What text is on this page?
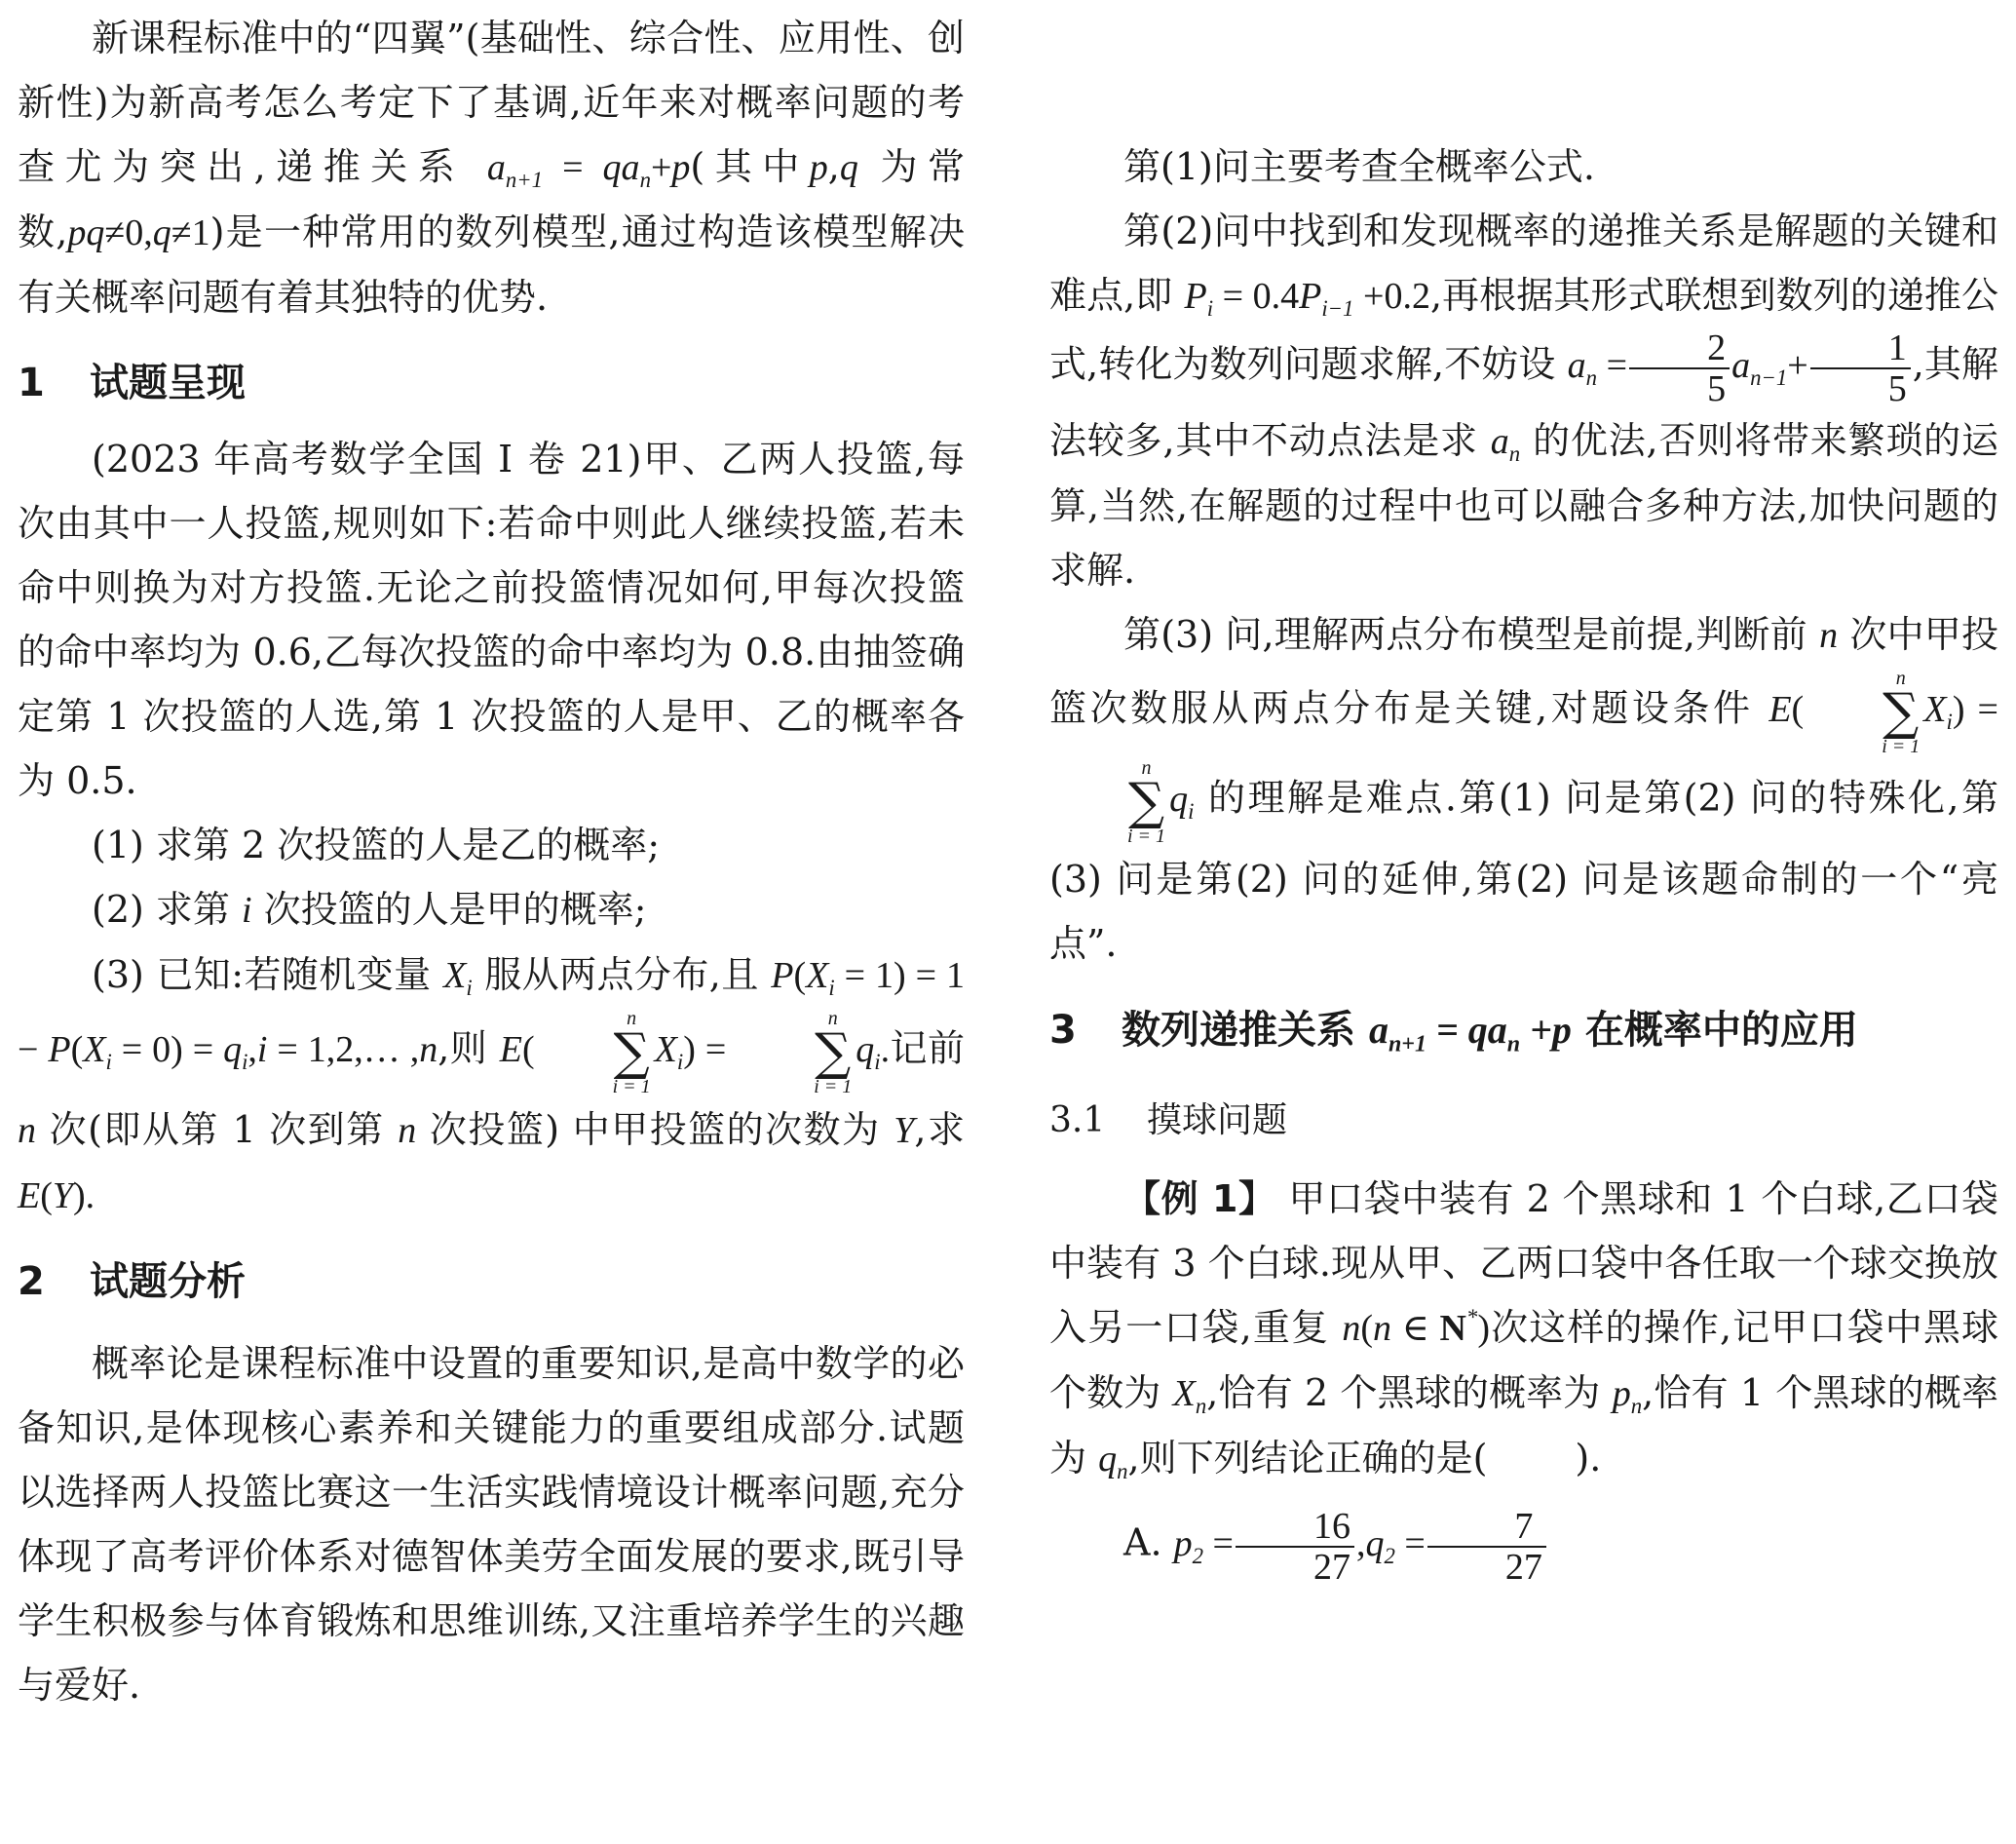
新课程标准中的“四翼”(基础性、综合性、应用性、创新性)为新高考怎么考定下了基调,近年来对概率问题的考查尤为突出,递推关系 $a_{n+1} = qa_n+p$(其中p,q 为常数,pq≠0,q≠1)是一种常用的数列模型,通过构造该模型解决有关概率问题有着其独特的优势.

1 试题呈现

(2023 年高考数学全国 Ⅰ 卷 21)甲、乙两人投篮,每次由其中一人投篮,规则如下:若命中则此人继续投篮,若未命中则换为对方投篮.无论之前投篮情况如何,甲每次投篮的命中率均为 0.6,乙每次投篮的命中率均为 0.8.由抽签确定第 1 次投篮的人选,第 1 次投篮的人是甲、乙的概率各为 0.5.

(1) 求第 2 次投篮的人是乙的概率;

(2) 求第 i 次投篮的人是甲的概率;

(3) 已知:若随机变量 $X_i$ 服从两点分布,且 $P(X_i = 1) = 1 - P(X_i = 0) = q_i,i$ = 1,2,… ,n,则 E(
n
∑
i = 1
$X_i$) =
n
∑
i = 1
$q_i$.记前 n 次(即从第 1 次到第 n 次投篮) 中甲投篮的次数为 Y,求 E(Y).

2 试题分析

概率论是课程标准中设置的重要知识,是高中数学的必备知识,是体现核心素养和关键能力的重要组成部分.试题以选择两人投篮比赛这一生活实践情境设计概率问题,充分体现了高考评价体系对德智体美劳全面发展的要求,既引导学生积极参与体育锻炼和思维训练,又注重培养学生的兴趣与爱好.

第(1)问主要考查全概率公式.

第(2)问中找到和发现概率的递推关系是解题的关键和难点,即 $P_i = 0.4P_{i-1} +0.2$,再根据其形式联想到数列的递推公式,转化为数列问题求解,不妨设 $a_n = \frac{2}{5} a_{n-1}+ \frac{1}{5}$ ,其解法较多,其中不动点法是求 $a_n$ 的优法,否则将带来繁琐的运算,当然,在解题的过程中也可以融合多种方法,加快问题的求解.

第(3) 问,理解两点分布模型是前提,判断前 n 次中甲投篮次数服从两点分布是关键,对题设条件 E(
n
∑
i = 1
$X_i$) =
n
∑
i = 1
$q_i$ 的理解是难点.第(1) 问是第(2) 问的特殊化,第(3) 问是第(2) 问的延伸,第(2) 问是该题命制的一个“亮点”.

3 数列递推关系 $a_{n+1} = qa_n +p$ 在概率中的应用
3.1 摸球问题

【例 1】 甲口袋中装有 2 个黑球和 1 个白球,乙口袋中装有 3 个白球.现从甲、乙两口袋中各任取一个球交换放入另一口袋,重复 n(n ∈ N*)次这样的操作,记甲口袋中黑球个数为 $X_n$,恰有 2 个黑球的概率为 $p_n$,恰有 1 个黑球的概率为 $q_n$,则下列结论正确的是( ).

A. $p_2 = \frac{16}{27} ,q_2 = \frac{7}{27}$
